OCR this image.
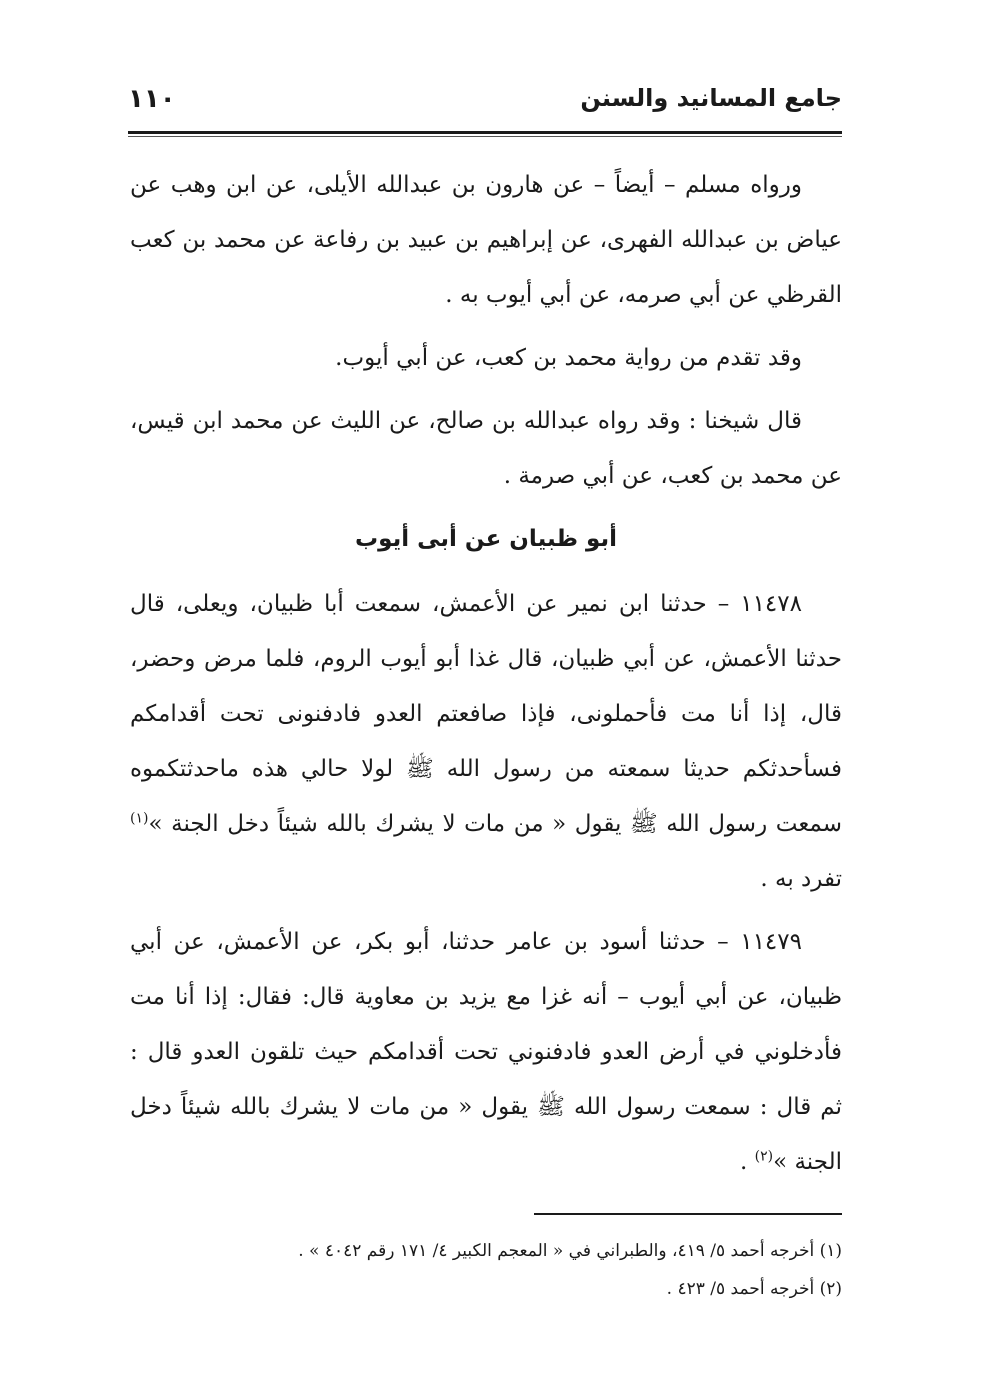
جامع المسانيد والسنن
١١٠

ورواه مسلم – أيضاً – عن هارون بن عبدالله الأيلى، عن ابن وهب عن عياض بن عبدالله الفهرى، عن إبراهيم بن عبيد بن رفاعة عن محمد بن كعب القرظي عن أبي صرمه، عن أبي أيوب به .

وقد تقدم من رواية محمد بن كعب، عن أبي أيوب.

قال شيخنا : وقد رواه عبدالله بن صالح، عن الليث عن محمد ابن قيس، عن محمد بن كعب، عن أبي صرمة .

أبو ظبيان عن أبى أيوب

١١٤٧٨ – حدثنا ابن نمير عن الأعمش، سمعت أبا ظبيان، ويعلى، قال حدثنا الأعمش، عن أبي ظبيان، قال غذا أبو أيوب الروم، فلما مرض وحضر، قال، إذا أنا مت فأحملونى، فإذا صافعتم العدو فادفنونى تحت أقدامكم فسأحدثكم حديثا سمعته من رسول الله ﷺ لولا حالي هذه ماحدثتكموه سمعت رسول الله ﷺ يقول « من مات لا يشرك بالله شيئاً دخل الجنة »$^{(١)}$ تفرد به .

١١٤٧٩ – حدثنا أسود بن عامر حدثنا، أبو بكر، عن الأعمش، عن أبي ظبيان، عن أبي أيوب – أنه غزا مع يزيد بن معاوية قال: فقال: إذا أنا مت فأدخلوني في أرض العدو فادفنوني تحت أقدامكم حيث تلقون العدو قال : ثم قال : سمعت رسول الله ﷺ يقول « من مات لا يشرك بالله شيئاً دخل الجنة »$^{(٢)}$ .

(١) أخرجه أحمد ٥/ ٤١٩، والطبراني في « المعجم الكبير ٤/ ١٧١ رقم ٤٠٤٢ » .

(٢) أخرجه أحمد ٥/ ٤٢٣ .
